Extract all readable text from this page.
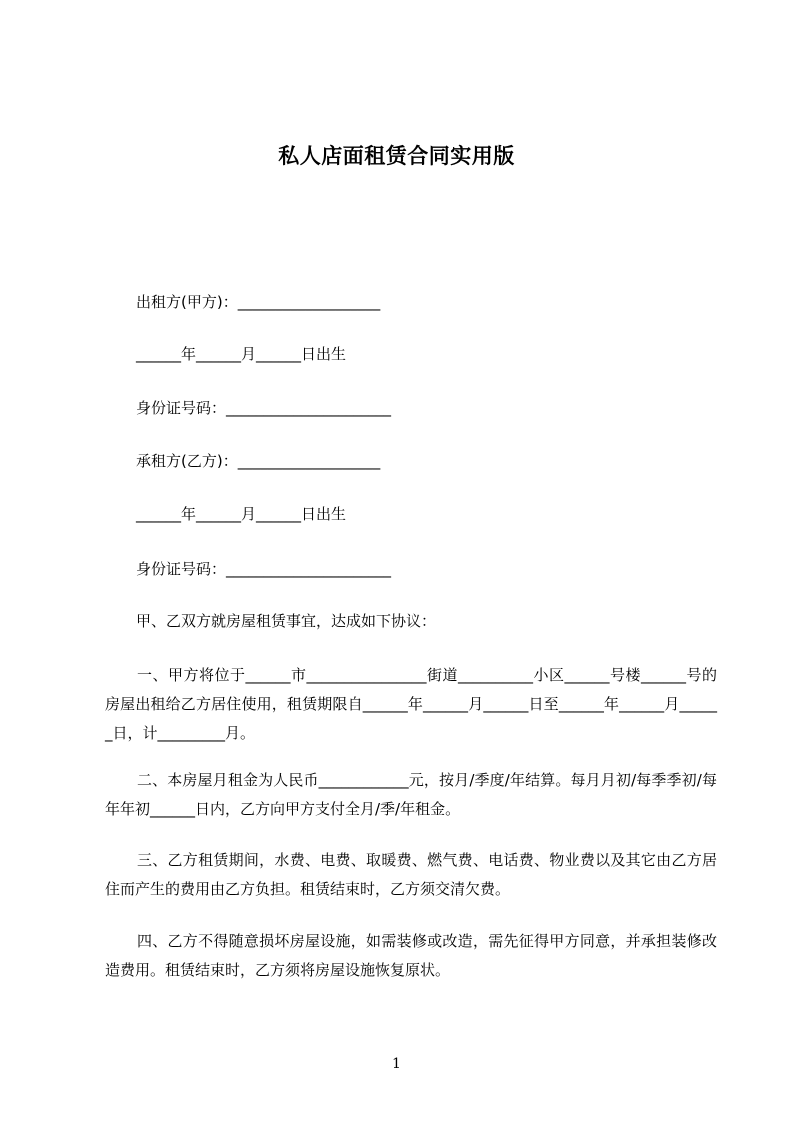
私人店面租赁合同实用版
出租方(甲方)：___________________
______年______月______日出生
身份证号码：______________________
承租方(乙方)：___________________
______年______月______日出生
身份证号码：______________________
甲、乙双方就房屋租赁事宜，达成如下协议：
一、甲方将位于______市________________街道__________小区______号楼______号的房屋出租给乙方居住使用，租赁期限自______年______月______日至______年______月______日，计_________月。
二、本房屋月租金为人民币____________元，按月/季度/年结算。每月月初/每季季初/每年年初______日内，乙方向甲方支付全月/季/年租金。
三、乙方租赁期间，水费、电费、取暖费、燃气费、电话费、物业费以及其它由乙方居住而产生的费用由乙方负担。租赁结束时，乙方须交清欠费。
四、乙方不得随意损坏房屋设施，如需装修或改造，需先征得甲方同意，并承担装修改造费用。租赁结束时，乙方须将房屋设施恢复原状。
1
